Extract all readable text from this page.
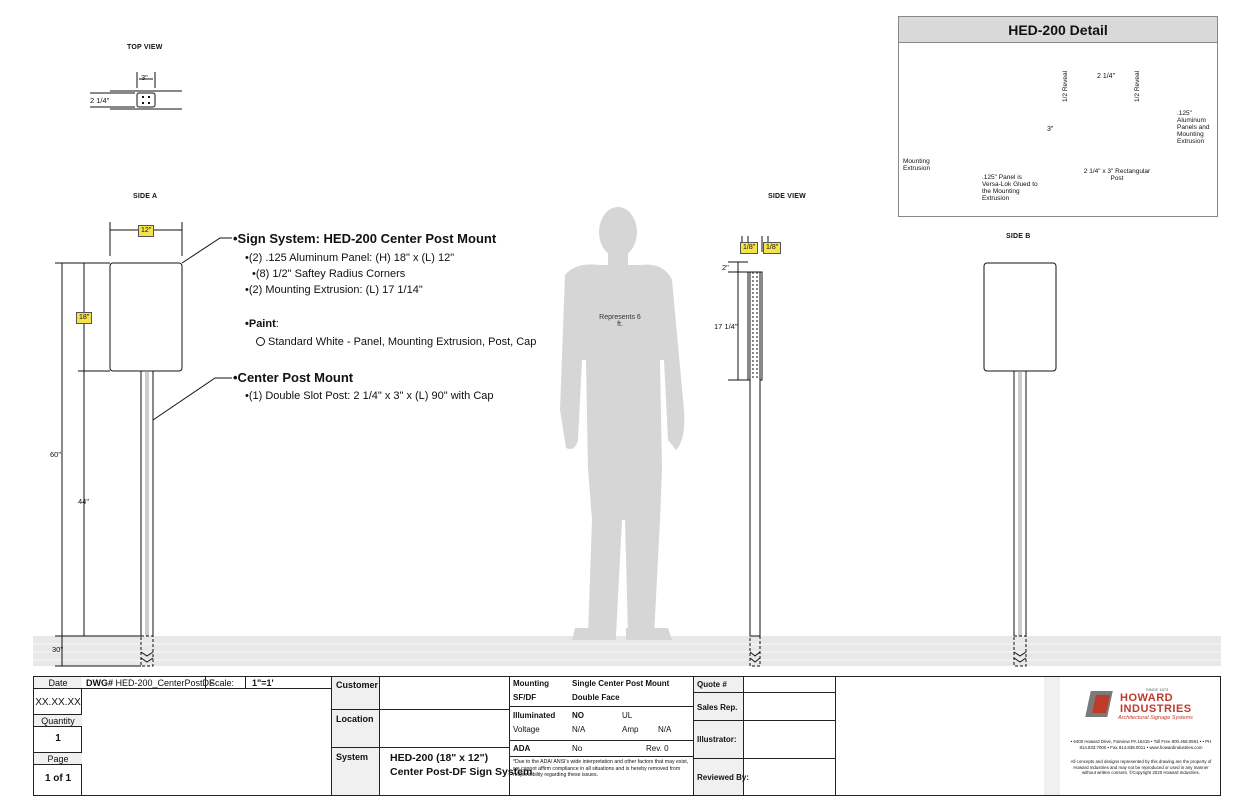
TOP VIEW
SIDE A	SIDE VIEW
SIDE B
3"
2 1/4"
12"
18"
60"
44"
30"
1/8"	1/8"
2"
17 1/4"
•Sign System: HED-200 Center Post Mount
•(2) .125 Aluminum Panel: (H) 18" x (L) 12"
•(8) 1/2" Saftey Radius Corners
•(2) Mounting Extrusion: (L) 17 1/14"
•Paint:
Standard White - Panel, Mounting Extrusion, Post, Cap
•Center Post Mount
•(1) Double Slot Post: 2 1/4" x 3" x (L) 90" with Cap
Represents 6 ft.
HED-200 Detail
Mounting Extrusion
.125" Panel is Versa-Lok Glued to the Mounting Extrusion
1/2 Reveal	1/2 Reveal
2 1/4"
3"
.125" Aluminum Panels and Mounting Extrusion
2 1/4" x 3" Rectangular Post
Date
XX.XX.XX
Quantity
1
Page
1 of 1
DWG# HED-200_CenterPostDF
Scale: 1"=1'	Customer
Location
System HED-200 (18" x 12")
Center Post-DF Sign System
Mounting	Single Center Post Mount
SF/DF	Double Face
Illuminated NO	UL
Voltage	N/A	Amp N/A
ADA	No	Rev. 0
*Due to the ADA/ ANSI's wide interpretation and other factors that may exist, we cannot affirm compliance in all situations and is hereby removed from responsibility regarding these issues.
Quote #
Sales Rep.
Illustrator:
Reviewed By:
SINCE 1973
HOWARD
INDUSTRIES
Architectural Signage Systems
• 6400 Howard Drive, Fairview PA 16415 • Toll Free 800.458.0591 • • PH 814.833.7000 • Fax 814.838.0011 • www.howardindustries.com
All concepts and designs represented by this drawing are the property of Howard Industries and may not be reproduced or used in any manner without written consent. ©Copyright 2020 Howard Industries.
